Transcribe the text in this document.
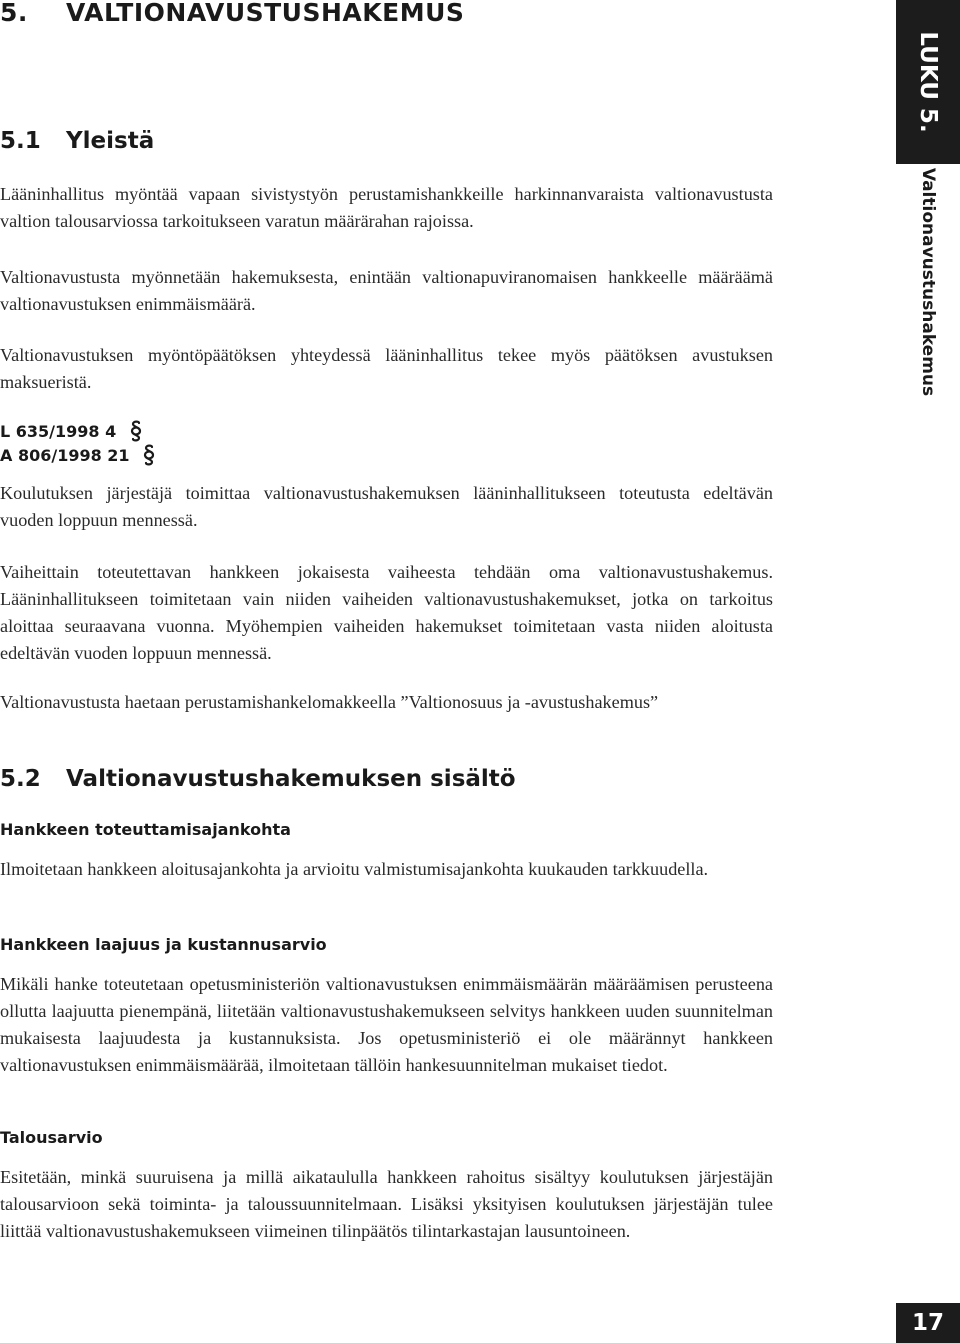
5. VALTIONAVUSTUSHAKEMUS
LUKU 5.
Valtionavustushakemus
5.1 Yleistä

Lääninhallitus myöntää vapaan sivistystyön perustamishankkeille harkinnanvaraista valtionavustusta valtion talousarviossa tarkoitukseen varatun määrärahan rajoissa.

Valtionavustusta myönnetään hakemuksesta, enintään valtionapuviranomaisen hankkeelle määräämä valtionavustuksen enimmäismäärä.

Valtionavustuksen myöntöpäätöksen yhteydessä lääninhallitus tekee myös päätöksen avustuksen maksueristä.

L 635/1998 4
A 806/1998 21

Koulutuksen järjestäjä toimittaa valtionavustushakemuksen lääninhallitukseen toteutusta edeltävän vuoden loppuun mennessä.

Vaiheittain toteutettavan hankkeen jokaisesta vaiheesta tehdään oma valtionavustushakemus. Lääninhallitukseen toimitetaan vain niiden vaiheiden valtionavustushakemukset, jotka on tarkoitus aloittaa seuraavana vuonna. Myöhempien vaiheiden hakemukset toimitetaan vasta niiden aloitusta edeltävän vuoden loppuun mennessä.

Valtionavustusta haetaan perustamishankelomakkeella ”Valtionosuus ja -avustushakemus”

5.2 Valtionavustushakemuksen sisältö
Hankkeen toteuttamisajankohta

Ilmoitetaan hankkeen aloitusajankohta ja arvioitu valmistumisajankohta kuukauden tarkkuudella.

Hankkeen laajuus ja kustannusarvio

Mikäli hanke toteutetaan opetusministeriön valtionavustuksen enimmäismäärän määräämisen perusteena ollutta laajuutta pienempänä, liitetään valtionavustushakemukseen selvitys hankkeen uuden suunnitelman mukaisesta laajuudesta ja kustannuksista. Jos opetusministeriö ei ole määrännyt hankkeen valtionavustuksen enimmäismäärää, ilmoitetaan tällöin hankesuunnitelman mukaiset tiedot.

Talousarvio

Esitetään, minkä suuruisena ja millä aikataululla hankkeen rahoitus sisältyy koulutuksen järjestäjän talousarvioon sekä toiminta- ja taloussuunnitelmaan. Lisäksi yksityisen koulutuksen järjestäjän tulee liittää valtionavustushakemukseen viimeinen tilinpäätös tilintarkastajan lausuntoineen.

17
